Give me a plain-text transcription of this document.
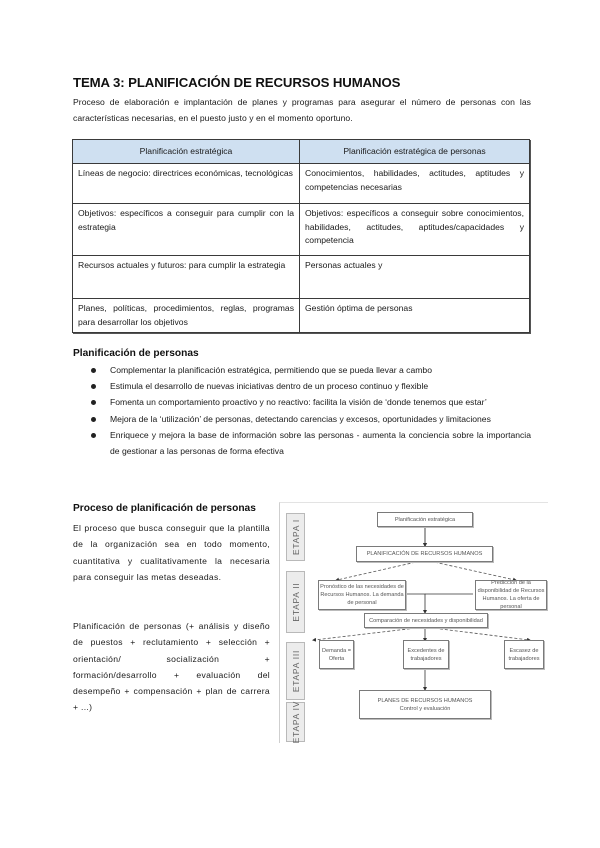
TEMA 3: PLANIFICACIÓN DE RECURSOS HUMANOS
Proceso de elaboración e implantación de planes y programas para asegurar el número de personas con las características necesarias, en el puesto justo y en el momento oportuno.
Planificación estratégica	Planificación estratégica de personas
Líneas de negocio: directrices económicas, tecnológicas	Conocimientos, habilidades, actitudes, aptitudes y competencias necesarias
Objetivos: específicos a conseguir para cumplir con la estrategia	Objetivos: específicos a conseguir sobre conocimientos, habilidades, actitudes, aptitudes/capacidades y competencia
Recursos actuales y futuros: para cumplir la estrategia	Personas actuales y
Planes, políticas, procedimientos, reglas, programas para desarrollar los objetivos	Gestión óptima de personas
Planificación de personas
Complementar la planificación estratégica, permitiendo que se pueda llevar a cambo
Estimula el desarrollo de nuevas iniciativas dentro de un proceso continuo y flexible
Fomenta un comportamiento proactivo y no reactivo: facilita la visión de ‘donde tenemos que estar’
Mejora de la ‘utilización’ de personas, detectando carencias y excesos, oportunidades y limitaciones
Enriquece y mejora la base de información sobre las personas - aumenta la conciencia sobre la importancia de gestionar a las personas de forma efectiva
Proceso de planificación de personas
El proceso que busca conseguir que la plantilla de la organización sea en todo momento, cuantitativa y cualitativamente la necesaria para conseguir las metas deseadas.
Planificación de personas (+ análisis y diseño de puestos + reclutamiento + selección + orientación/ socialización + formación/desarrollo + evaluación del desempeño + compensación + plan de carrera + ...)
ETAPA I
ETAPA II
ETAPA III
ETAPA IV
Planificación estratégica
PLANIFICACIÓN DE RECURSOS HUMANOS
Pronóstico de las necesidades de Recursos Humanos. La demanda de personal
Predicción de la disponibilidad de Recursos Humanos. La oferta de personal
Comparación de necesidades y disponibilidad
Demanda = Oferta
Excedentes de trabajadores
Escasez de trabajadores
PLANES DE RECURSOS HUMANOS
Control y evaluación
